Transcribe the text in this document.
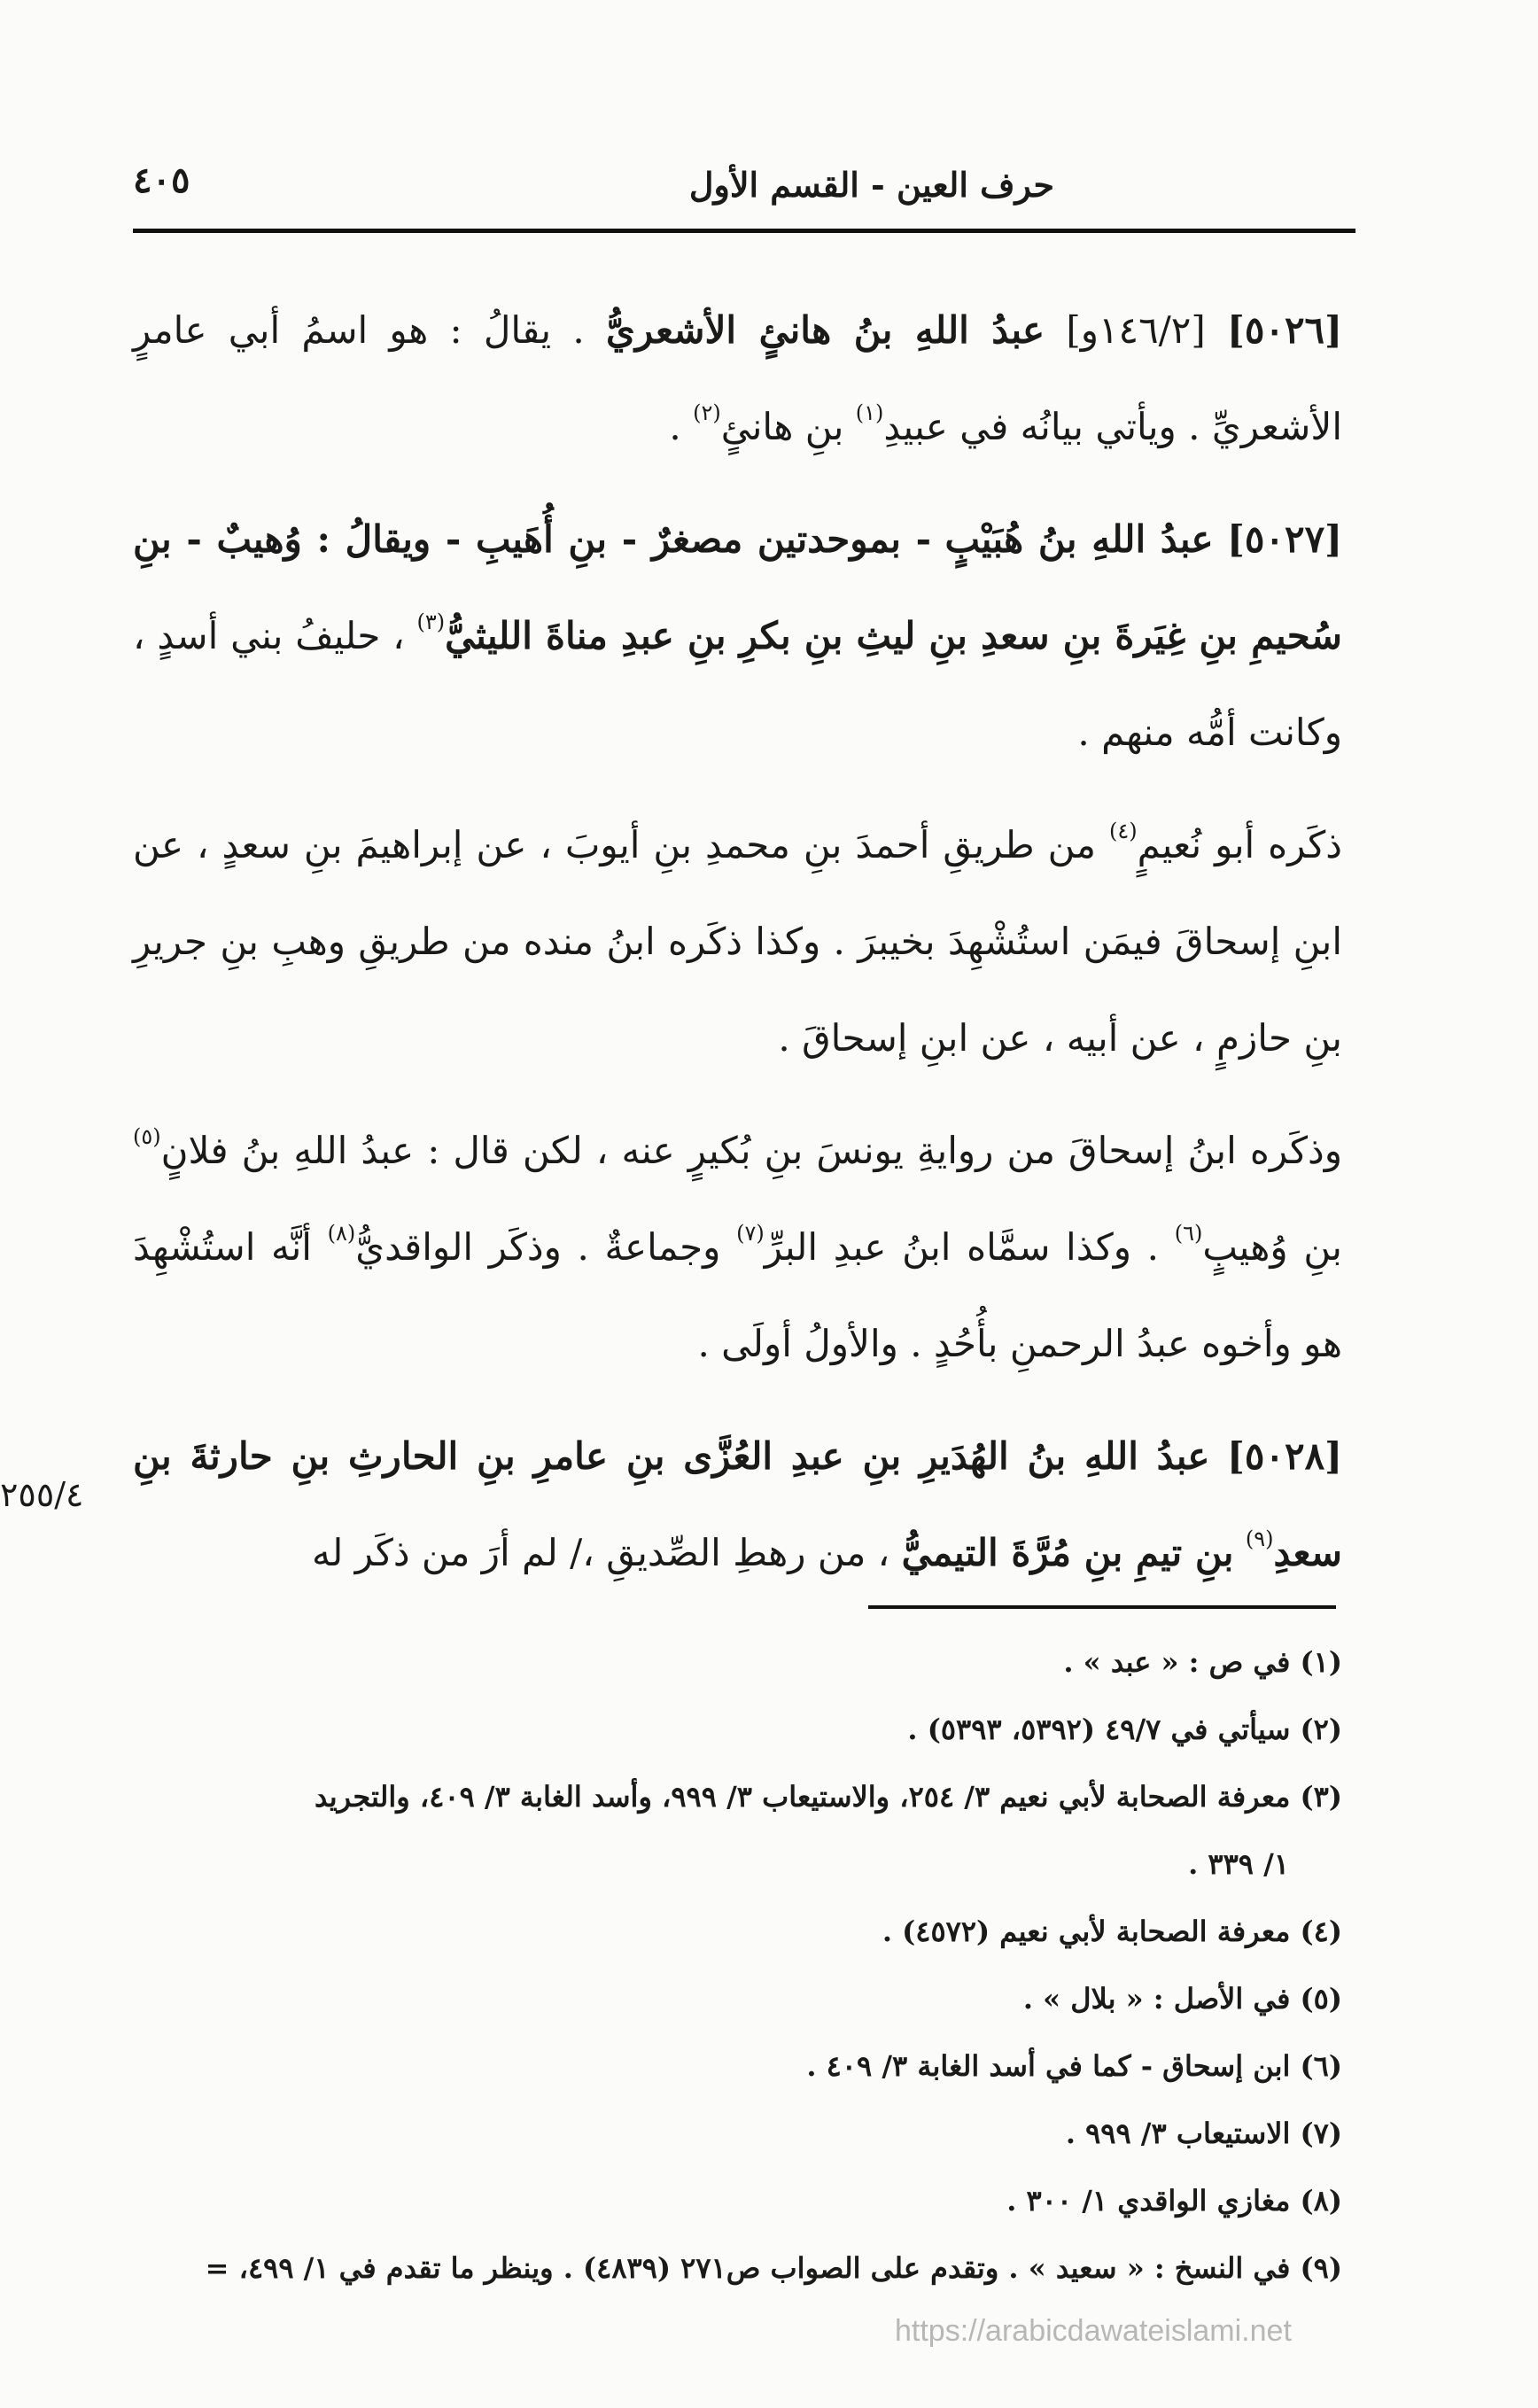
٤٠٥	حرف العين - القسم الأول

[٥٠٢٦] [١٤٦/٢و] عبدُ اللهِ بنُ هانئٍ الأشعريُّ . يقالُ : هو اسمُ أبي عامرٍ الأشعريِّ . ويأتي بيانُه في عبيدِ$^{(١)}$ بنِ هانئٍ$^{(٢)}$ .

[٥٠٢٧] عبدُ اللهِ بنُ هُبَيْبٍ - بموحدتين مصغرٌ - بنِ أُهَيبِ - ويقالُ : وُهيبٌ - بنِ سُحيمِ بنِ غِيَرةَ بنِ سعدِ بنِ ليثِ بنِ بكرِ بنِ عبدِ مناةَ الليثيُّ$^{(٣)}$ ، حليفُ بني أسدٍ ، وكانت أمُّه منهم .

ذكَره أبو نُعيمٍ$^{(٤)}$ من طريقِ أحمدَ بنِ محمدِ بنِ أيوبَ ، عن إبراهيمَ بنِ سعدٍ ، عن ابنِ إسحاقَ فيمَن استُشْهِدَ بخيبرَ . وكذا ذكَره ابنُ منده من طريقِ وهبِ بنِ جريرِ بنِ حازمٍ ، عن أبيه ، عن ابنِ إسحاقَ .

وذكَره ابنُ إسحاقَ من روايةِ يونسَ بنِ بُكيرٍ عنه ، لكن قال : عبدُ اللهِ بنُ فلانٍ$^{(٥)}$ بنِ وُهيبٍ$^{(٦)}$ . وكذا سمَّاه ابنُ عبدِ البرِّ$^{(٧)}$ وجماعةٌ . وذكَر الواقديُّ$^{(٨)}$ أنَّه استُشْهِدَ هو وأخوه عبدُ الرحمنِ بأُحُدٍ . والأولُ أولَى .

[٥٠٢٨] عبدُ اللهِ بنُ الهُدَيرِ بنِ عبدِ العُزَّى بنِ عامرِ بنِ الحارثِ بنِ حارثةَ بنِ سعدِ$^{(٩)}$ بنِ تيمِ بنِ مُرَّةَ التيميُّ ، من رهطِ الصِّديقِ ،/ لم أرَ من ذكَر له

٢٥٥/٤

(١) في ص : « عبد » .

(٢) سيأتي في ٤٩/٧ (٥٣٩٢، ٥٣٩٣) .

(٣) معرفة الصحابة لأبي نعيم ٣/ ٢٥٤، والاستيعاب ٣/ ٩٩٩، وأسد الغابة ٣/ ٤٠٩، والتجريد

١/ ٣٣٩ .

(٤) معرفة الصحابة لأبي نعيم (٤٥٧٢) .

(٥) في الأصل : « بلال » .

(٦) ابن إسحاق - كما في أسد الغابة ٣/ ٤٠٩ .

(٧) الاستيعاب ٣/ ٩٩٩ .

(٨) مغازي الواقدي ١/ ٣٠٠ .

(٩) في النسخ : « سعيد » . وتقدم على الصواب ص٢٧١ (٤٨٣٩) . وينظر ما تقدم في ١/ ٤٩٩، =

https://arabicdawateislami.net
